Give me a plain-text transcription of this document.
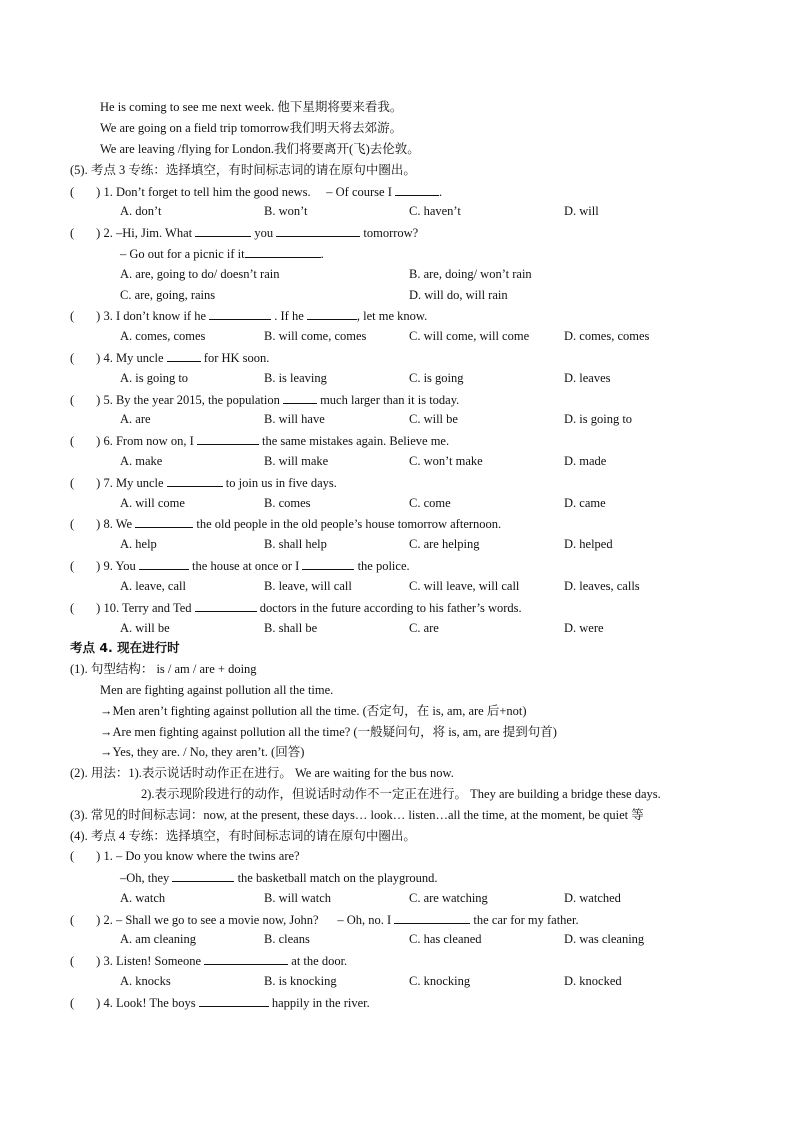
He is coming to see me next week. 他下星期将要来看我。
We are going on a field trip tomorrow我们明天将去郊游。
We are leaving /flying for London.我们将要离开(飞)去伦敦。
(5). 考点 3 专练：选择填空，有时间标志词的请在原句中圈出。
( ) 1. Don’t forget to tell him the good news. – Of course I	.
A. don’t	B. won’t	C. haven’t	D. will
( ) 2. –Hi, Jim. What	you	tomorrow?
– Go out for a picnic if it	.
A. are, going to do/ doesn’t rain	B. are, doing/ won’t rain
C. are, going, rains	D. will do, will rain
( ) 3. I don’t know if he	. If he	, let me know.
A. comes, comes	B. will come, comes	C. will come, will come	D. comes, comes
( ) 4. My uncle	for HK soon.
A. is going to	B. is leaving	C. is going	D. leaves
( ) 5. By the year 2015, the population	much larger than it is today.
A. are	B. will have	C. will be	D. is going to
( ) 6. From now on, I	the same mistakes again. Believe me.
A. make	B. will make	C. won’t make	D. made
( ) 7. My uncle	to join us in five days.
A. will come	B. comes	C. come	D. came
( ) 8. We	the old people in the old people’s house tomorrow afternoon.
A. help	B. shall help	C. are helping	D. helped
( ) 9. You	the house at once or I	the police.
A. leave, call	B. leave, will call	C. will leave, will call	D. leaves, calls
( ) 10. Terry and Ted	doctors in the future according to his father’s words.
A. will be	B. shall be	C. are	D. were
考点 4. 现在进行时
(1). 句型结构： is / am / are + doing
Men are fighting against pollution all the time.
→Men aren’t fighting against pollution all the time. (否定句，在 is, am, are 后+not)
→Are men fighting against pollution all the time? (一般疑问句，将 is, am, are 提到句首)
→Yes, they are. / No, they aren’t. (回答)
(2). 用法：1).表示说话时动作正在进行。 We are waiting for the bus now.
2).表示现阶段进行的动作，但说话时动作不一定正在进行。 They are building a bridge these days.
(3). 常见的时间标志词：now, at the present, these days… look… listen…all the time, at the moment, be quiet 等
(4). 考点 4 专练：选择填空，有时间标志词的请在原句中圈出。
( ) 1. – Do you know where the twins are?
–Oh, they	the basketball match on the playground.
A. watch	B. will watch	C. are watching	D. watched
( ) 2. – Shall we go to see a movie now, John? – Oh, no. I	the car for my father.
A. am cleaning	B. cleans	C. has cleaned	D. was cleaning
( ) 3. Listen! Someone	at the door.
A. knocks	B. is knocking	C. knocking	D. knocked
( ) 4. Look! The boys	happily in the river.
